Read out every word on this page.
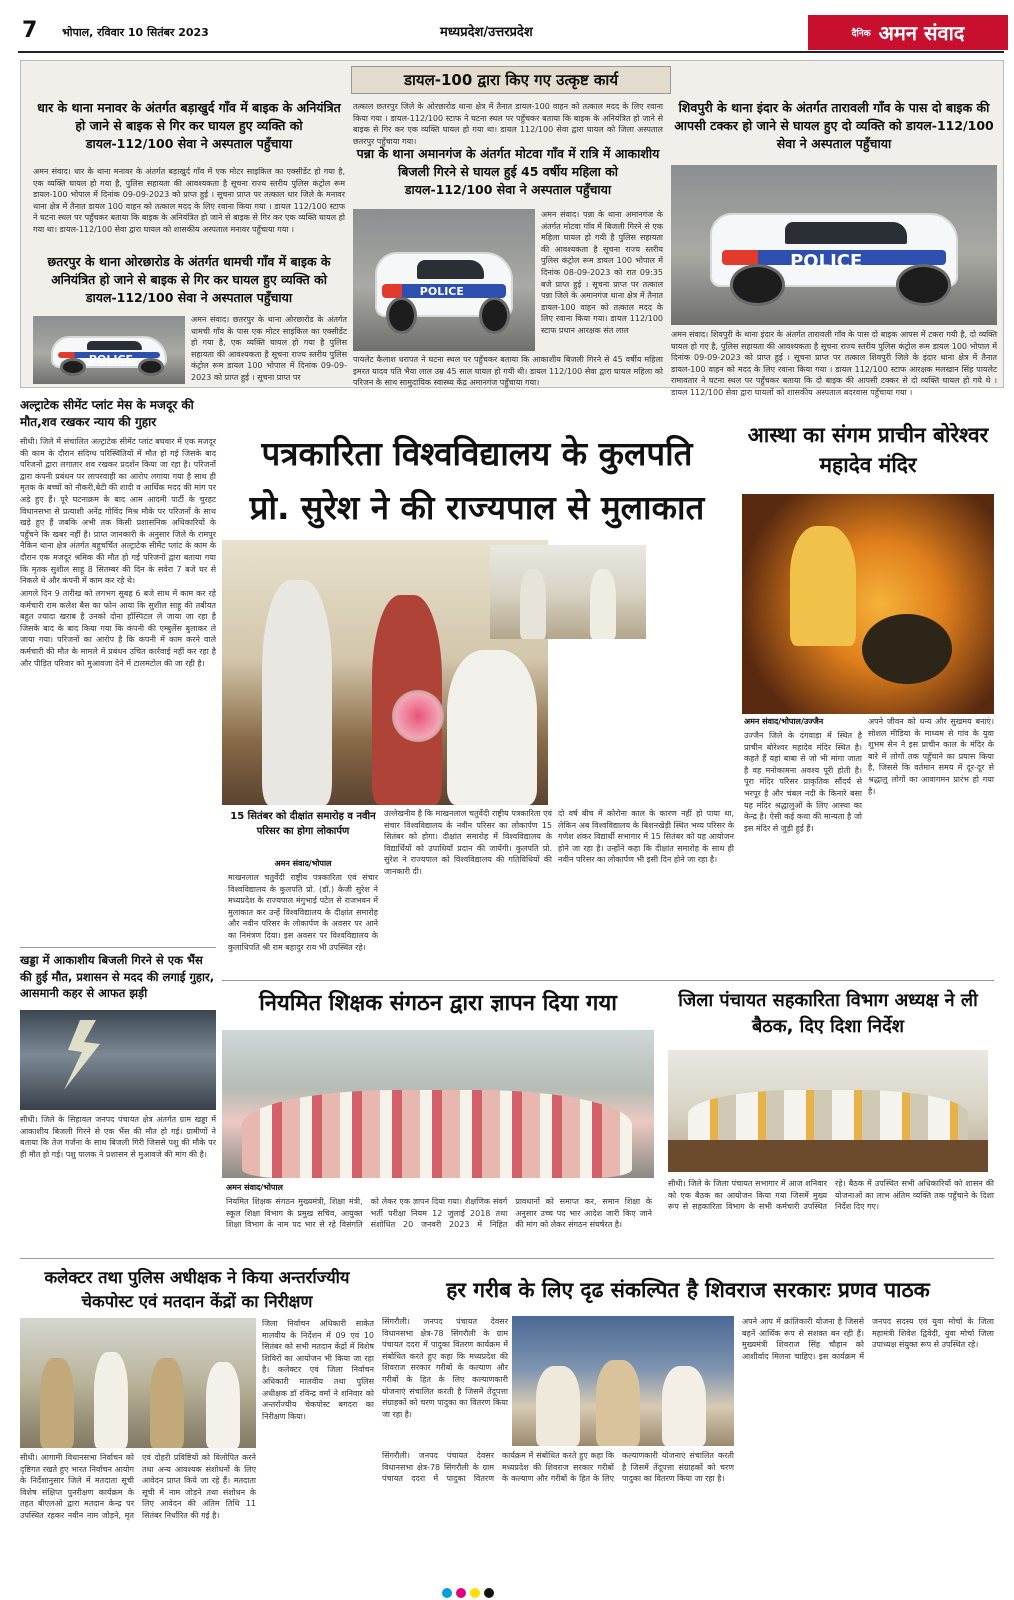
7 भोपाल, रविवार 10 सितंबर 2023	मध्यप्रदेश/उत्तरप्रदेश	दैनिक अमन संवाद
डायल-100 द्वारा किए गए उत्कृष्ट कार्य
धार के थाना मनावर के अंतर्गत बड़ाखुर्द गाँव में बाइक के अनियंत्रित हो जाने से बाइक से गिर कर घायल हुए व्यक्ति को डायल-112/100 सेवा ने अस्पताल पहुँचाया
अमन संवाद। धार के थाना मनावर के अंतर्गत बड़ाखुर्द गाँव में एक मोटर साइकिल का एक्सीडेंट हो गया है, एक व्यक्ति घायल हो गया है, पुलिस सहायता की आवश्यकता है सूचना राज्य स्तरीय पुलिस कंट्रोल रूम डायल-100 भोपाल में दिनांक 09-09-2023 को प्राप्त हुई । सूचना प्राप्त पर तत्काल धार जिले के मनावर थाना क्षेत्र में तैनात डायल 100 वाहन को तत्काल मदद के लिए रवाना किया गया । डायल 112/100 स्टाफ ने घटना स्थल पर पहुँचकर बताया कि बाइक के अनियंत्रित हो जाने से बाइक से गिर कर एक व्यक्ति घायल हो गया था। डायल-112/100 सेवा द्वारा घायल को शासकीय अस्पताल मनावर पहुँचाया गया ।
छतरपुर के थाना ओरछारोड के अंतर्गत धामची गाँव में बाइक के अनियंत्रित हो जाने से बाइक से गिर कर घायल हुए व्यक्ति को डायल-112/100 सेवा ने अस्पताल पहुँचाया
POLICE
अमन संवाद। छतरपुर के थाना ओरछारोड के अंतर्गत धामची गाँव के पास एक मोटर साइकिल का एक्सीडेंट हो गया है, एक व्यक्ति घायल हो गया है पुलिस सहायता की आवश्यकता है सूचना राज्य स्तरीय पुलिस कंट्रोल रूम डायल 100 भोपाल में दिनांक 09-09-2023 को प्राप्त हुई । सूचना प्राप्त पर
तत्काल छतरपुर जिले के ओरछारोड थाना क्षेत्र में तैनात डायल-100 वाहन को तत्काल मदद के लिए रवाना किया गया । डायल-112/100 स्टाफ ने घटना स्थल पर पहुँचकर बताया कि बाइक के अनियंत्रित हो जाने से बाइक से गिर कर एक व्यक्ति घायल हो गया था। डायल 112/100 सेवा द्वारा घायल को जिला अस्पताल छतरपुर पहुँचाया गया।
पन्ना के थाना अमानगंज के अंतर्गत मोटवा गाँव में रात्रि में आकाशीय बिजली गिरने से घायल हुई 45 वर्षीय महिला को डायल-112/100 सेवा ने अस्पताल पहुँचाया
POLICE
अमन संवाद। पन्ना के थाना अमानगंज के अंतर्गत मोटवा गाँव में बिजली गिरने से एक महिला घायल हो गयी है पुलिस सहायता की आवश्यकता है सूचना राज्य स्तरीय पुलिस कंट्रोल रूम डायल 100 भोपाल में दिनांक 08-09-2023 को रात 09:35 बजे प्राप्त हुई । सूचना प्राप्त पर तत्काल पन्ना जिले के अमानगंज थाना क्षेत्र में तैनात डायल-100 वाहन को तत्काल मदद के लिए रवाना किया गया। डायल 112/100 स्टाफ प्रधान आरक्षक संत लाल
पायलेट कैलाश धरापत ने घटना स्थल पर पहुँचकर बताया कि आकाशीय बिजली गिरने से 45 वर्षीय महिला इमरत यादव पति भैया लाल उम्र 45 साल घायल हो गयी थी। डायल 112/100 सेवा द्वारा घायल महिला को परिजन के साथ सामुदायिक स्वास्थ्य केंद्र अमानगंज पहुँचाया गया।
शिवपुरी के थाना इंदार के अंतर्गत तारावली गाँव के पास दो बाइक की आपसी टक्कर हो जाने से घायल हुए दो व्यक्ति को डायल-112/100 सेवा ने अस्पताल पहुँचाया
POLICE
अमन संवाद। शिवपुरी के थाना इंदार के अंतर्गत तारावली गाँव के पास दो बाइक आपस में टकरा गयी है, दो व्यक्ति घायल हो गए है, पुलिस सहायता की आवश्यकता है सूचना राज्य स्तरीय पुलिस कंट्रोल रूम डायल 100 भोपाल में दिनांक 09-09-2023 को प्राप्त हुई । सूचना प्राप्त पर तत्काल शिवपुरी जिले के इंदार थाना क्षेत्र में तैनात डायल-100 वाहन को मदद के लिए रवाना किया गया । डायल 112/100 स्टाफ आरक्षक मलखान सिंह पायलेट रामावतार ने घटना स्थल पर पहुँचकर बताया कि दो बाइक की आपसी टक्कर से दो व्यक्ति घायल हो गये थे । डायल 112/100 सेवा द्वारा घायलों को शासकीय अस्पताल बदरवास पहुँचाया गया ।
अल्ट्राटेक सीमेंट प्लांट मेस के मजदूर की मौत,शव रखकर न्याय की गुहार
सीधी। जिले में संचालित अल्ट्राटेक सीमेंट प्लांट बघवार में एक मजदूर की काम के दौरान संदिग्ध परिस्थितियों में मौत हो गई जिसके बाद परिजनों द्वारा लगातार शव रखकर प्रदर्शन किया जा रहा है। परिजनों द्वारा कंपनी प्रबंधन पर लापरवाही का आरोप लगाया गया है साथ ही मृतक के बच्चों को नौकरी,बेटी की शादी व आर्थिक मदद की मांग पर अड़े हुए हैं। पूरे घटनाक्रम के बाद आम आदमी पार्टी के चुरहट विधानसभा से प्रत्याशी अनेंद्र गोविंद मिश्र मौके पर परिजनों के साथ खड़े हुए हैं जबकि अभी तक किसी प्रशासनिक अधिकारियों के पहुँचने कि खबर नहीं है। प्राप्त जानकारी के अनुसार जिले के रामपुर नैकिन थाना क्षेत्र अंतर्गत बहुचर्चित अल्ट्राटेक सीमेंट प्लांट के काम के दौरान एक मजदूर श्रमिक की मौत हो गई परिजनों द्वारा बताया गया कि मृतक सुशील साहू 8 सितम्बर की दिन के सवेरा 7 बजे घर से निकले थे और कंपनी में काम कर रहे थे।
आगले दिन 9 तारीख को लगभग सुबह 6 बजे साथ में काम कर रहे कर्मचारी राम कलेश बैस का फोन आया कि सुशील साहू की तबीयत बहुत ज्यादा खराब है उनको दोना हॉस्पिटल ले जाया जा रहा है जिसके बाद के बाद किया गया कि कंपनी की एम्बुलेंस बुलाकर ले जाया गया। परिजनों का आरोप है कि कंपनी में काम करने वाले कर्मचारी की मौत के मामले में प्रबंधन उचित कार्रवाई नहीं कर रहा है और पीड़ित परिवार को मुआवजा देने में टालमटोल की जा रही है।
खड्डा में आकाशीय बिजली गिरने से एक भैंस की हुई मौत, प्रशासन से मदद की लगाई गुहार, आसमानी कहर से आफत झड़ी
सीधी। जिले के सिहावल जनपद पंचायत क्षेत्र अंतर्गत ग्राम खड्डा में आकाशीय बिजली गिरने से एक भैंस की मौत हो गई। ग्रामीणों ने बताया कि तेज गर्जना के साथ बिजली गिरी जिससे पशु की मौके पर ही मौत हो गई। पशु पालक ने प्रशासन से मुआवजे की मांग की है।
पत्रकारिता विश्वविद्यालय के कुलपति
प्रो. सुरेश ने की राज्यपाल से मुलाकात
15 सितंबर को दीक्षांत समारोह व नवीन परिसर का होगा लोकार्पण
अमन संवाद/भोपाल
माखनलाल चतुर्वेदी राष्ट्रीय पत्रकारिता एवं संचार विश्वविद्यालय के कुलपति प्रो. (डॉ.) केजी सुरेश ने मध्यप्रदेश के राज्यपाल मंगुभाई पटेल से राजभवन में मुलाकात कर उन्हें विश्वविद्यालय के दीक्षांत समारोह और नवीन परिसर के लोकार्पण के अवसर पर आने का निमंत्रण दिया। इस अवसर पर विश्वविद्यालय के कुलाधिपति श्री राम बहादुर राय भी उपस्थित रहे।
उल्लेखनीय है कि माखनलाल चतुर्वेदी राष्ट्रीय पत्रकारिता एवं संचार विश्वविद्यालय के नवीन परिसर का लोकार्पण 15 सितंबर को होगा। दीक्षांत समारोह में विश्वविद्यालय के विद्यार्थियों को उपाधियाँ प्रदान की जायेंगी। कुलपति प्रो. सुरेश ने राज्यपाल को विश्वविद्यालय की गतिविधियों की जानकारी दी।
दो वर्ष बीच में कोरोना काल के कारण नहीं हो पाया था, लेकिन अब विश्वविद्यालय के बिशनखेड़ी स्थित भव्य परिसर के गणेश शंकर विद्यार्थी सभागार में 15 सितंबर को यह आयोजन होने जा रहा है। उन्होंने कहा कि दीक्षांत समारोह के साथ ही नवीन परिसर का लोकार्पण भी इसी दिन होने जा रहा है।
आस्था का संगम प्राचीन बोरेश्वर महादेव मंदिर
अमन संवाद/भोपाल/उज्जैन
उज्जैन जिले के दंगवाड़ा में स्थित है प्राचीन बोरेश्वर महादेव मंदिर स्थित है। कहते हैं यहां बाबा से जो भी मांगा जाता है वह मनोकामना अवश्य पूरी होती है। पूरा मंदिर परिसर प्राकृतिक सौंदर्य से भरपूर है और चंबल नदी के किनारे बसा यह मंदिर श्रद्धालुओं के लिए आस्था का केन्द्र है। ऐसी कई कथा की मान्यता है जो इस मंदिर से जुड़ी हुई हैं।
अपने जीवन को धन्य और सुखमय बनाएं। सोशल मीडिया के माध्यम से गांव के युवा शुभम सेन ने इस प्राचीन काल के मंदिर के बारे में लोगों तक पहुँचाने का प्रयास किया है, जिससे कि वर्तमान समय में दूर-दूर से श्रद्धालु लोगों का आवागमन प्रारंभ हो गया है।
नियमित शिक्षक संगठन द्वारा ज्ञापन दिया गया
अमन संवाद/भोपाल
नियमित शिक्षक संगठन मुख्यमंत्री, शिक्षा मंत्री, स्कूल शिक्षा विभाग के प्रमुख सचिव, आयुक्त शिक्षा विभाग के नाम पद भार से रहे विसंगति को लेकर एक ज्ञापन दिया गया। शैक्षणिक संवर्ग भर्ती परीक्षा नियम 12 जुलाई 2018 तथा संशोधित 20 जनवरी 2023 में निहित प्रावधानों को समाप्त कर, समान शिक्षा के अनुसार उच्च पद भार आदेश जारी किए जाने की मांग को लेकर संगठन संघर्षरत है।
जिला पंचायत सहकारिता विभाग अध्यक्ष ने ली बैठक, दिए दिशा निर्देश
सीधी। जिले के जिला पंचायत सभागार में आज शनिवार को एक बैठक का आयोजन किया गया जिसमें मुख्य रूप से सहकारिता विभाग के सभी कर्मचारी उपस्थित रहे। बैठक में उपस्थित सभी अधिकारियों को शासन की योजनाओं का लाभ अंतिम व्यक्ति तक पहुँचाने के दिशा निर्देश दिए गए।
कलेक्टर तथा पुलिस अधीक्षक ने किया अन्तर्राज्यीय चेकपोस्ट एवं मतदान केंद्रों का निरीक्षण
सीधी। आगामी विधानसभा निर्वाचन को दृष्टिगत रखते हुए भारत निर्वाचन आयोग के निर्देशानुसार जिले में मतदाता सूची विशेष संक्षिप्त पुनरीक्षण कार्यक्रम के तहत बीएलओ द्वारा मतदान केन्द्र पर उपस्थित रहकर नवीन नाम जोड़ने, मृत एवं दोहरी प्रविष्टियों को विलोपित करने तथा अन्य आवश्यक संशोधनों के लिए आवेदन प्राप्त किये जा रहे हैं। मतदाता सूची में नाम जोड़ने तथा संशोधन के लिए आवेदन की अंतिम तिथि 11 सितंबर निर्धारित की गई है।
जिला निर्वाचन अधिकारी साकेत मालवीय के निर्देशन में 09 एवं 10 सितंबर को सभी मतदान केंद्रों में विशेष शिविरों का आयोजन भी किया जा रहा है। कलेक्टर एवं जिला निर्वाचन अधिकारी मालवीय तथा पुलिस अधीक्षक डॉ रविन्द्र वर्मा ने शनिवार को अन्तर्राज्यीय चेकपोस्ट बगदरा का निरीक्षण किया।
हर गरीब के लिए दृढ संकल्पित है शिवराज सरकारः प्रणव पाठक
सिंगरौली। जनपद पंचायत देवसर विधानसभा क्षेत्र-78 सिंगरौली के ग्राम पंचायत ददरा में पादुका वितरण कार्यक्रम में संबोधित करते हुए कहा कि मध्यप्रदेश की शिवराज सरकार गरीबों के कल्याण और गरीबों के हित के लिए कल्याणकारी योजनाएं संचालित करती है जिसमें तेंदूपत्ता संग्राहकों को चरण पादुका का वितरण किया जा रहा है।
सिंगरौली। जनपद पंचायत देवसर विधानसभा क्षेत्र-78 सिंगरौली के ग्राम पंचायत ददरा में पादुका वितरण कार्यक्रम में संबोधित करते हुए कहा कि मध्यप्रदेश की शिवराज सरकार गरीबों के कल्याण और गरीबों के हित के लिए कल्याणकारी योजनाएं संचालित करती है जिसमें तेंदूपत्ता संग्राहकों को चरण पादुका का वितरण किया जा रहा है।
अपने आप में क्रांतिकारी योजना है जिससे बहनें आर्थिक रूप से सशक्त बन रही हैं। मुख्यमंत्री शिवराज सिंह चौहान को आशीर्वाद मिलना चाहिए। इस कार्यक्रम में जनपद सदस्य एवं युवा मोर्चा के जिला महामंत्री शिवेश द्विवेदी, युवा मोर्चा जिला उपाध्यक्ष संयुक्त रूप से उपस्थित रहे।
